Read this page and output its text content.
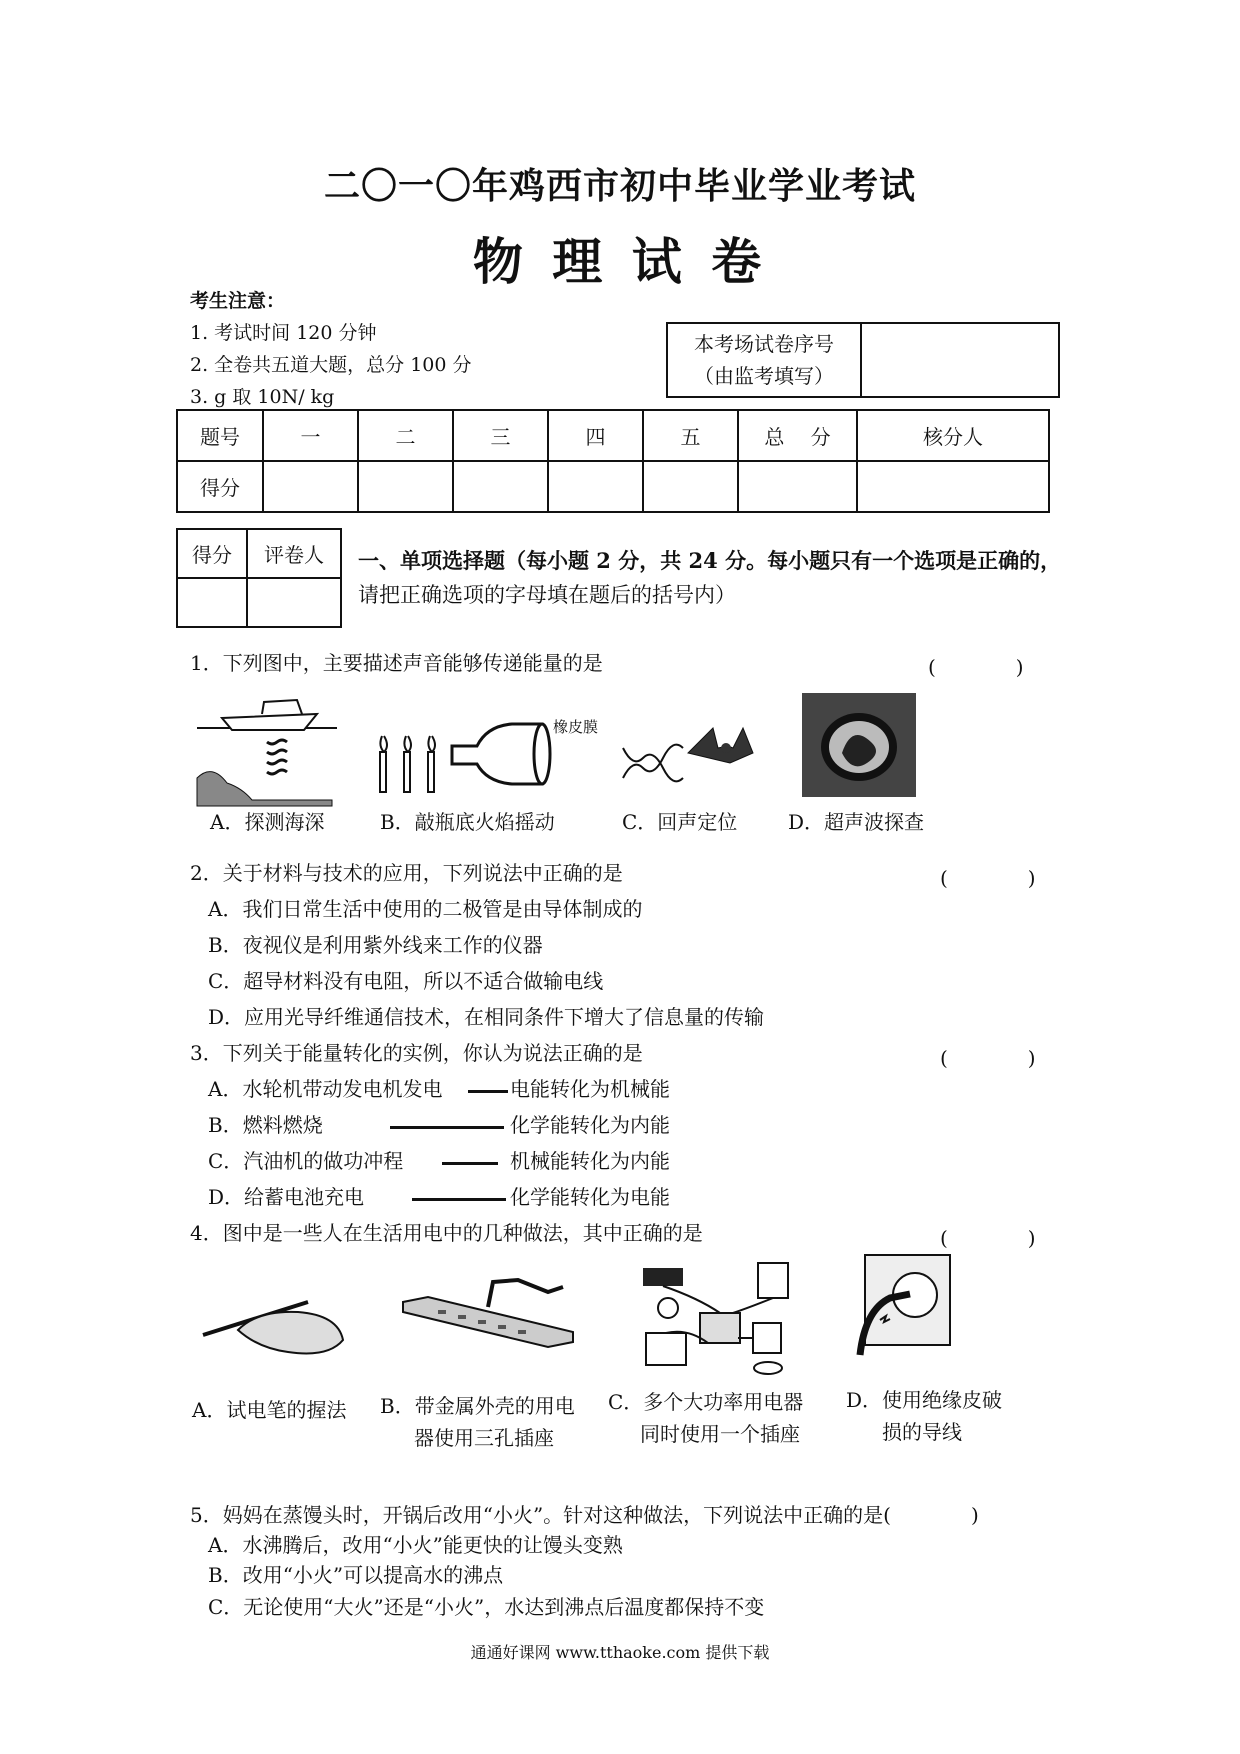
二〇一〇年鸡西市初中毕业学业考试
物 理 试 卷
考生注意：
1. 考试时间 120 分钟
2. 全卷共五道大题，总分 100 分
3. g 取 10N/ kg
本考场试卷序号
（由监考填写）

题号	一	二	三	四	五	总　 分	核分人
得分							
得分	评卷人
	一、单项选择题（每小题 2 分，共 24 分。每小题只有一个选项是正确的，
请把正确选项的字母填在题后的括号内）
1．下列图中，主要描述声音能够传递能量的是	(　　　　)
橡皮膜
A．探测海深	B．敲瓶底火焰摇动	C．回声定位	D．超声波探查
2．关于材料与技术的应用，下列说法中正确的是	(　　　　)
A．我们日常生活中使用的二极管是由导体制成的
B．夜视仪是利用紫外线来工作的仪器
C．超导材料没有电阻，所以不适合做输电线
D．应用光导纤维通信技术，在相同条件下增大了信息量的传输
3．下列关于能量转化的实例，你认为说法正确的是	(　　　　)
A．水轮机带动发电机发电	电能转化为机械能
B．燃料燃烧	化学能转化为内能
C．汽油机的做功冲程	机械能转化为内能
D．给蓄电池充电	化学能转化为电能
4．图中是一些人在生活用电中的几种做法，其中正确的是	(　　　　)
A．试电笔的握法 B．带金属外壳的用电
器使用三孔插座
C．多个大功率用电器
同时使用一个插座
D．使用绝缘皮破
损的导线
5．妈妈在蒸馒头时，开锅后改用“小火”。针对这种做法，下列说法中正确的是(　　　　)
A．水沸腾后，改用“小火”能更快的让馒头变熟
B．改用“小火”可以提高水的沸点
C．无论使用“大火”还是“小火”，水达到沸点后温度都保持不变
通通好课网 www.tthaoke.com 提供下载
